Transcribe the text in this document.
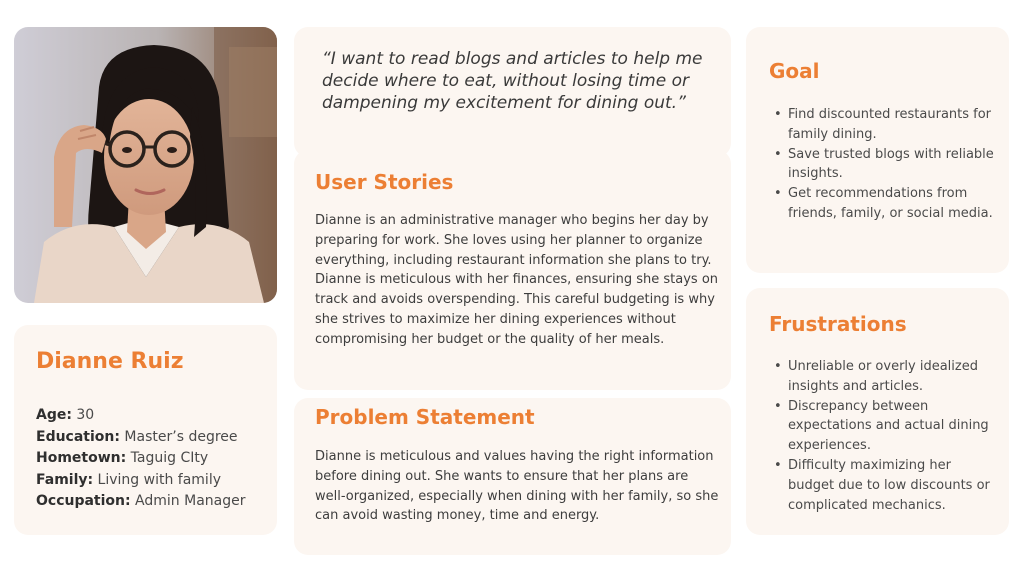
Dianne Ruiz
Age: 30
Education: Master’s degree
Hometown: Taguig CIty
Family: Living with family
Occupation: Admin Manager

“I want to read blogs and articles to help me decide where to eat, without losing time or dampening my excitement for dining out.”

User Stories

Dianne is an administrative manager who begins her day by preparing for work. She loves using her planner to organize everything, including restaurant information she plans to try. Dianne is meticulous with her finances, ensuring she stays on track and avoids overspending. This careful budgeting is why she strives to maximize her dining experiences without compromising her budget or the quality of her meals.

Problem Statement

Dianne is meticulous and values having the right information before dining out. She wants to ensure that her plans are well-organized, especially when dining with her family, so she can avoid wasting money, time and energy.

Goal
• Find discounted restaurants for family dining.
• Save trusted blogs with reliable insights.
• Get recommendations from friends, family, or social media.
Frustrations
• Unreliable or overly idealized insights and articles.
• Discrepancy between expectations and actual dining experiences.
• Difficulty maximizing her budget due to low discounts or complicated mechanics.
